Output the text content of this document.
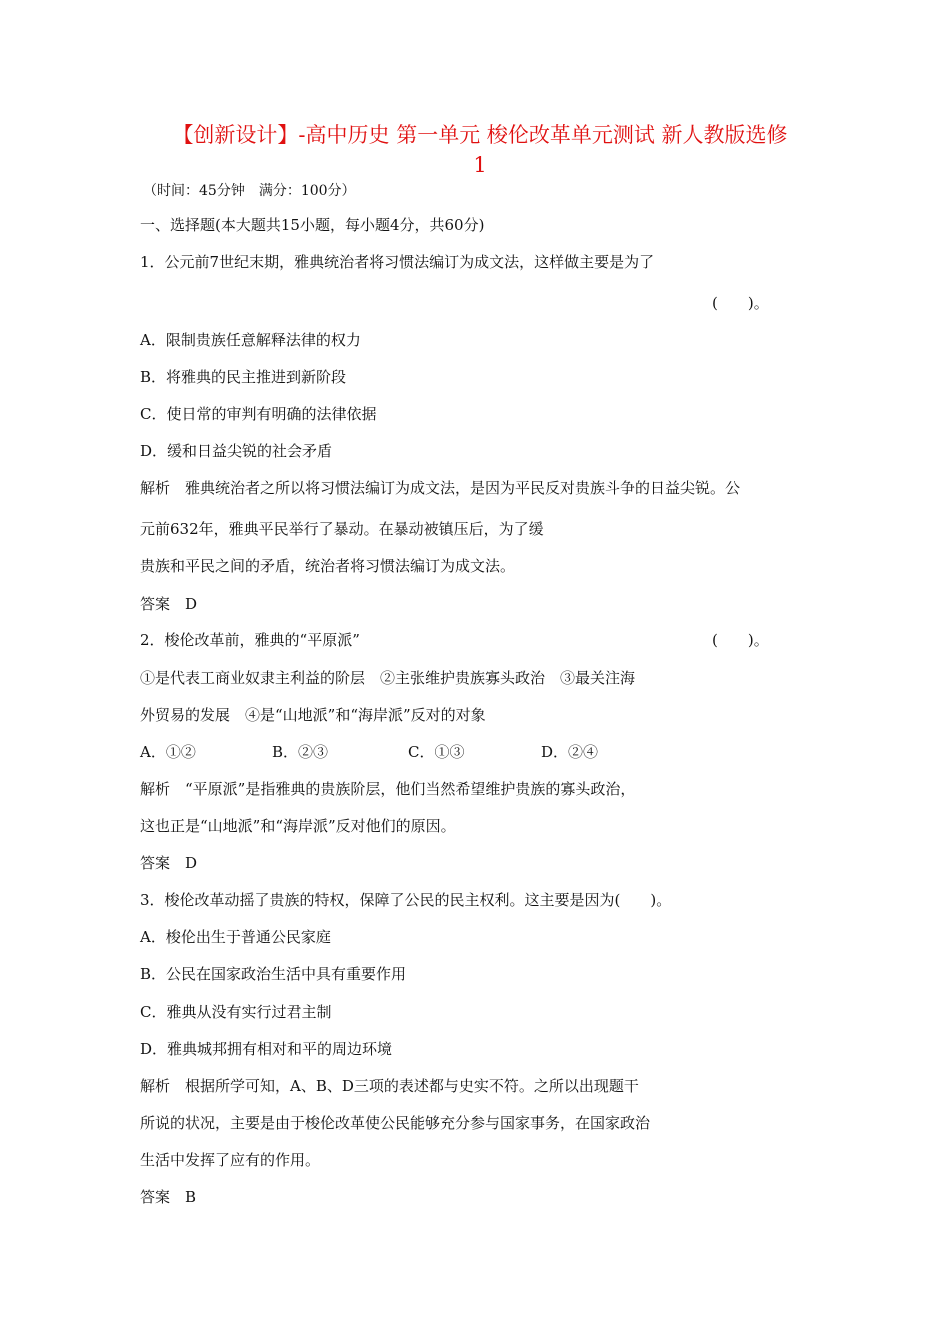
【创新设计】-高中历史 第一单元 梭伦改革单元测试 新人教版选修
1
（时间：45分钟　满分：100分）
一、选择题(本大题共15小题，每小题4分，共60分)
1．公元前7世纪末期，雅典统治者将习惯法编订为成文法，这样做主要是为了
(　　)。
A．限制贵族任意解释法律的权力
B．将雅典的民主推进到新阶段
C．使日常的审判有明确的法律依据
D．缓和日益尖锐的社会矛盾
解析　雅典统治者之所以将习惯法编订为成文法，是因为平民反对贵族斗争的日益尖锐。公
元前632年，雅典平民举行了暴动。在暴动被镇压后，为了缓
贵族和平民之间的矛盾，统治者将习惯法编订为成文法。
答案　D
2．梭伦改革前，雅典的“平原派”	(　　)。
①是代表工商业奴隶主利益的阶层　②主张维护贵族寡头政治　③最关注海
外贸易的发展　④是“山地派”和“海岸派”反对的对象
A．①②	B．②③	C．①③	D．②④
解析　“平原派”是指雅典的贵族阶层，他们当然希望维护贵族的寡头政治，
这也正是“山地派”和“海岸派”反对他们的原因。
答案　D
3．梭伦改革动摇了贵族的特权，保障了公民的民主权利。这主要是因为(　　)。
A．梭伦出生于普通公民家庭
B．公民在国家政治生活中具有重要作用
C．雅典从没有实行过君主制
D．雅典城邦拥有相对和平的周边环境
解析　根据所学可知，A、B、D三项的表述都与史实不符。之所以出现题干
所说的状况，主要是由于梭伦改革使公民能够充分参与国家事务，在国家政治
生活中发挥了应有的作用。
答案　B
